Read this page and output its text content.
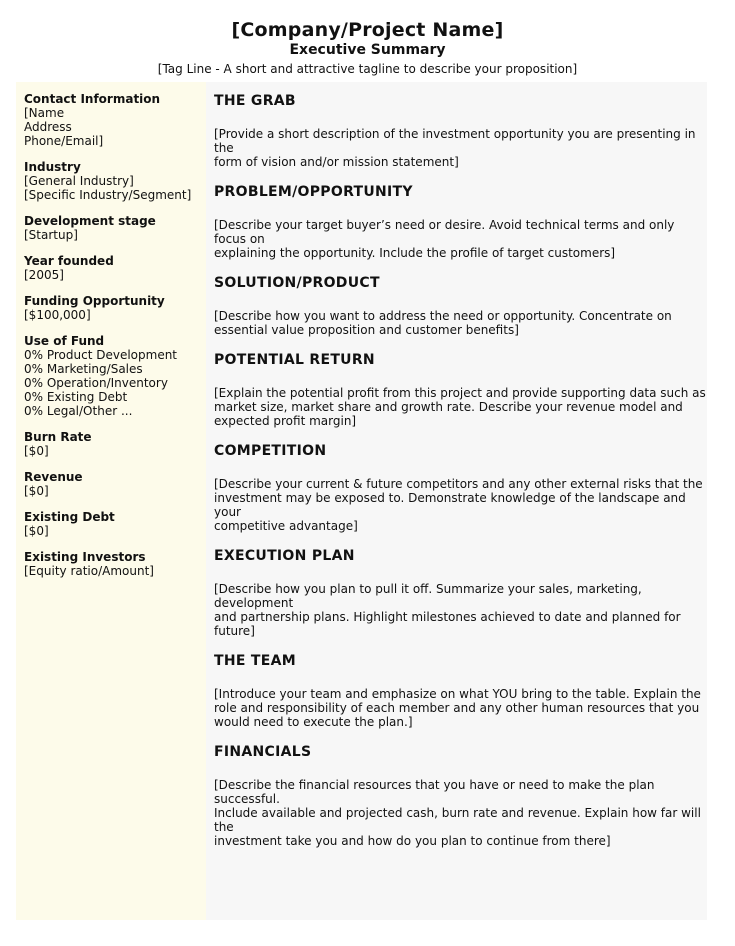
[Company/Project Name]
Executive Summary
[Tag Line - A short and attractive tagline to describe your proposition]
Contact Information
[Name
Address
Phone/Email]
Industry
[General Industry]
[Specific Industry/Segment]
Development stage
[Startup]
Year founded
[2005]
Funding Opportunity
[$100,000]
Use of Fund
0% Product Development
0% Marketing/Sales
0% Operation/Inventory
0% Existing Debt
0% Legal/Other ...
Burn Rate
[$0]
Revenue
[$0]
Existing Debt
[$0]
Existing Investors
[Equity ratio/Amount]
THE GRAB
[Provide a short description of the investment opportunity you are presenting in the
form of vision and/or mission statement]
PROBLEM/OPPORTUNITY
[Describe your target buyer’s need or desire. Avoid technical terms and only focus on
explaining the opportunity. Include the profile of target customers]
SOLUTION/PRODUCT
[Describe how you want to address the need or opportunity. Concentrate on
essential value proposition and customer benefits]
POTENTIAL RETURN
[Explain the potential profit from this project and provide supporting data such as
market size, market share and growth rate. Describe your revenue model and
expected profit margin]
COMPETITION
[Describe your current & future competitors and any other external risks that the
investment may be exposed to. Demonstrate knowledge of the landscape and your
competitive advantage]
EXECUTION PLAN
[Describe how you plan to pull it off. Summarize your sales, marketing, development
and partnership plans. Highlight milestones achieved to date and planned for future]
THE TEAM
[Introduce your team and emphasize on what YOU bring to the table. Explain the
role and responsibility of each member and any other human resources that you
would need to execute the plan.]
FINANCIALS
[Describe the financial resources that you have or need to make the plan successful.
Include available and projected cash, burn rate and revenue. Explain how far will the
investment take you and how do you plan to continue from there]
